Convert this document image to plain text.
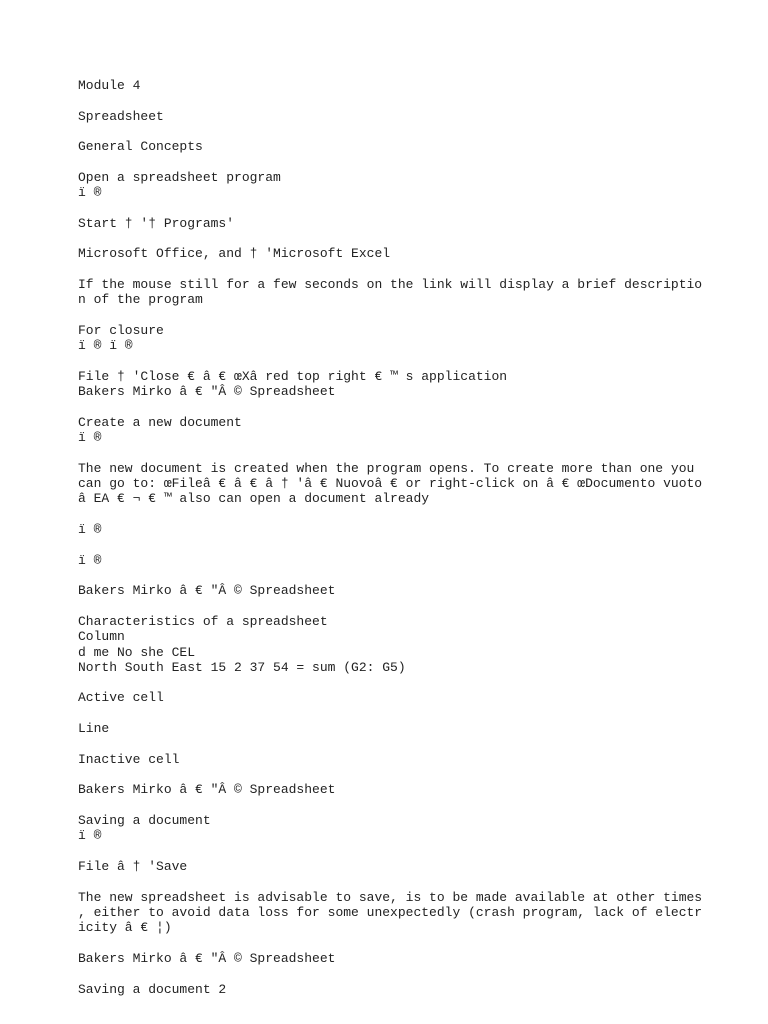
Module 4

Spreadsheet

General Concepts

Open a spreadsheet program

ï ®

Start † '† Programs'

Microsoft Office, and † 'Microsoft Excel

If the mouse still for a few seconds on the link will display a brief descriptio

n of the program

For closure

ï ® ï ®

File † 'Close € â € œXâ red top right € ™ s application

Bakers Mirko â € "Â © Spreadsheet

Create a new document

ï ®

The new document is created when the program opens. To create more than one you

can go to: œFileâ € â € â † 'â € Nuovoâ € or right-click on â € œDocumento vuoto

â EA € ¬ € ™ also can open a document already

ï ®

ï ®

Bakers Mirko â € "Â © Spreadsheet

Characteristics of a spreadsheet

Column

d me No she CEL

North South East 15 2 37 54 = sum (G2: G5)

Active cell

Line

Inactive cell

Bakers Mirko â € "Â © Spreadsheet

Saving a document

ï ®

File â † 'Save

The new spreadsheet is advisable to save, is to be made available at other times

, either to avoid data loss for some unexpectedly (crash program, lack of electr

icity â € ¦)

Bakers Mirko â € "Â © Spreadsheet

Saving a document 2
